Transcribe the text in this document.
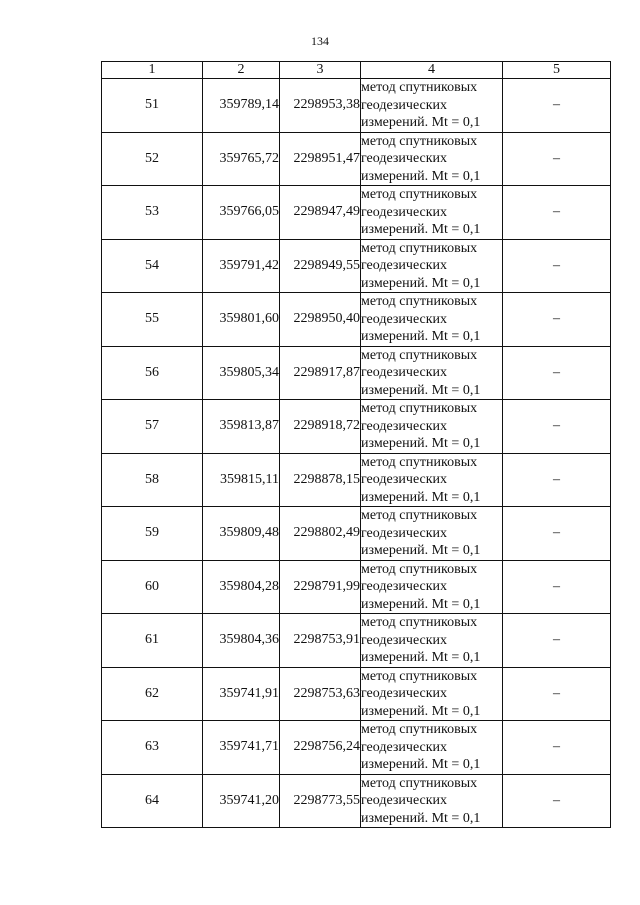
134
1	2	3	4	5
51	359789,14	2298953,38	метод спутниковых
геодезических
измерений. Mt = 0,1	–
52	359765,72	2298951,47	метод спутниковых
геодезических
измерений. Mt = 0,1	–
53	359766,05	2298947,49	метод спутниковых
геодезических
измерений. Mt = 0,1	–
54	359791,42	2298949,55	метод спутниковых
геодезических
измерений. Mt = 0,1	–
55	359801,60	2298950,40	метод спутниковых
геодезических
измерений. Mt = 0,1	–
56	359805,34	2298917,87	метод спутниковых
геодезических
измерений. Mt = 0,1	–
57	359813,87	2298918,72	метод спутниковых
геодезических
измерений. Mt = 0,1	–
58	359815,11	2298878,15	метод спутниковых
геодезических
измерений. Mt = 0,1	–
59	359809,48	2298802,49	метод спутниковых
геодезических
измерений. Mt = 0,1	–
60	359804,28	2298791,99	метод спутниковых
геодезических
измерений. Mt = 0,1	–
61	359804,36	2298753,91	метод спутниковых
геодезических
измерений. Mt = 0,1	–
62	359741,91	2298753,63	метод спутниковых
геодезических
измерений. Mt = 0,1	–
63	359741,71	2298756,24	метод спутниковых
геодезических
измерений. Mt = 0,1	–
64	359741,20	2298773,55	метод спутниковых
геодезических
измерений. Mt = 0,1	–
